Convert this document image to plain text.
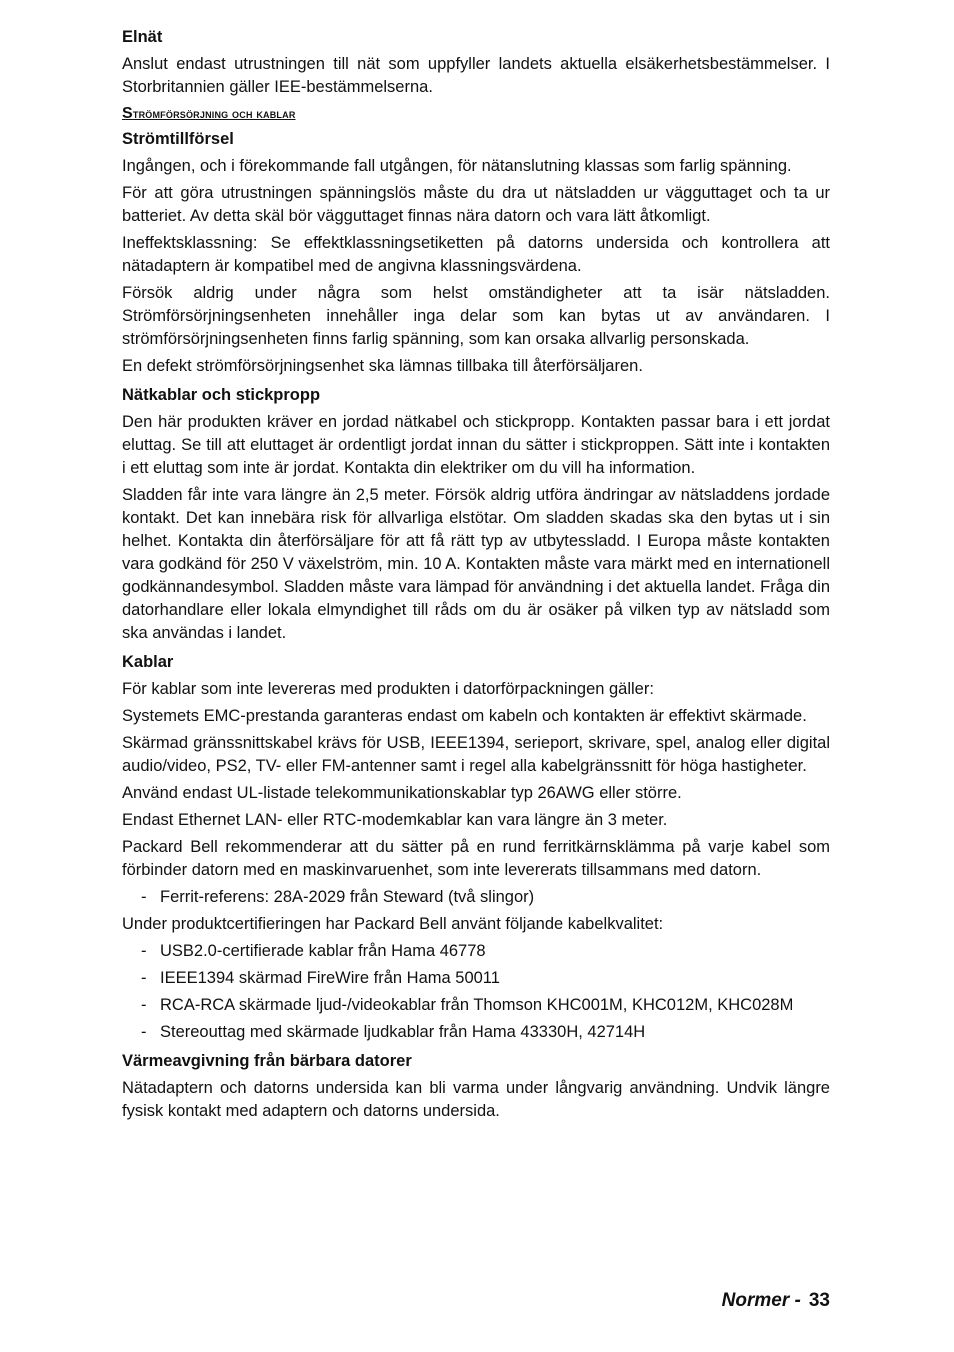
Elnät

Anslut endast utrustningen till nät som uppfyller landets aktuella elsäkerhetsbestämmelser. I Storbritannien gäller IEE-bestämmelserna.

Strömförsörjning och kablar
Strömtillförsel

Ingången, och i förekommande fall utgången, för nätanslutning klassas som farlig spänning.

För att göra utrustningen spänningslös måste du dra ut nätsladden ur vägguttaget och ta ur batteriet. Av detta skäl bör vägguttaget finnas nära datorn och vara lätt åtkomligt.

Ineffektsklassning: Se effektklassningsetiketten på datorns undersida och kontrollera att nätadaptern är kompatibel med de angivna klassningsvärdena.

Försök aldrig under några som helst omständigheter att ta isär nätsladden. Strömförsörjningsenheten innehåller inga delar som kan bytas ut av användaren. I strömförsörjningsenheten finns farlig spänning, som kan orsaka allvarlig personskada.

En defekt strömförsörjningsenhet ska lämnas tillbaka till återförsäljaren.

Nätkablar och stickpropp

Den här produkten kräver en jordad nätkabel och stickpropp. Kontakten passar bara i ett jordat eluttag. Se till att eluttaget är ordentligt jordat innan du sätter i stickproppen. Sätt inte i kontakten i ett eluttag som inte är jordat. Kontakta din elektriker om du vill ha information.

Sladden får inte vara längre än 2,5 meter. Försök aldrig utföra ändringar av nätsladdens jordade kontakt. Det kan innebära risk för allvarliga elstötar. Om sladden skadas ska den bytas ut i sin helhet. Kontakta din återförsäljare för att få rätt typ av utbytessladd. I Europa måste kontakten vara godkänd för 250 V växelström, min. 10 A. Kontakten måste vara märkt med en internationell godkännandesymbol. Sladden måste vara lämpad för användning i det aktuella landet. Fråga din datorhandlare eller lokala elmyndighet till råds om du är osäker på vilken typ av nätsladd som ska användas i landet.

Kablar

För kablar som inte levereras med produkten i datorförpackningen gäller:

Systemets EMC-prestanda garanteras endast om kabeln och kontakten är effektivt skärmade.

Skärmad gränssnittskabel krävs för USB, IEEE1394, serieport, skrivare, spel, analog eller digital audio/video, PS2, TV- eller FM-antenner samt i regel alla kabelgränssnitt för höga hastigheter.

Använd endast UL-listade telekommunikationskablar typ 26AWG eller större.

Endast Ethernet LAN- eller RTC-modemkablar kan vara längre än 3 meter.

Packard Bell rekommenderar att du sätter på en rund ferritkärnsklämma på varje kabel som förbinder datorn med en maskinvaruenhet, som inte levererats tillsammans med datorn.

- Ferrit-referens: 28A-2029 från Steward (två slingor)

Under produktcertifieringen har Packard Bell använt följande kabelkvalitet:

- USB2.0-certifierade kablar från Hama 46778
- IEEE1394 skärmad FireWire från Hama 50011
- RCA-RCA skärmade ljud-/videokablar från Thomson KHC001M, KHC012M, KHC028M
- Stereouttag med skärmade ljudkablar från Hama 43330H, 42714H
Värmeavgivning från bärbara datorer

Nätadaptern och datorns undersida kan bli varma under långvarig användning. Undvik längre fysisk kontakt med adaptern och datorns undersida.

Normer - 33
